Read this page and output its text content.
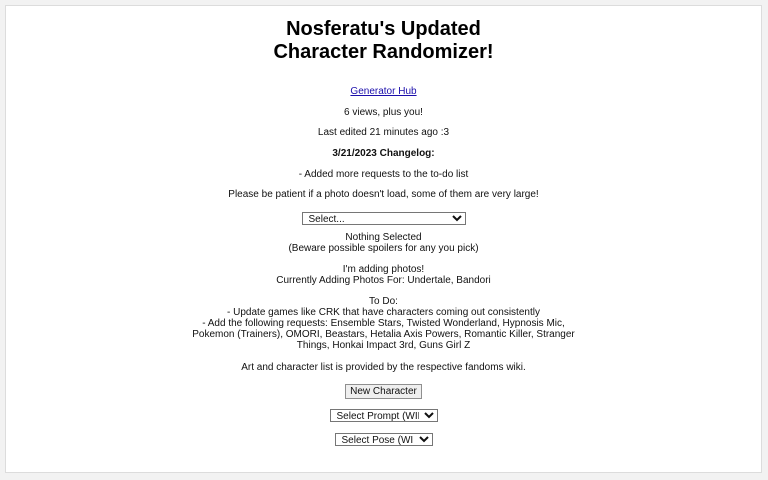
Nosferatu's Updated
Character Randomizer!
Generator Hub
6 views, plus you!
Last edited 21 minutes ago :3
3/21/2023 Changelog:
- Added more requests to the to-do list
Please be patient if a photo doesn't load, some of them are very large!
Select...
Nothing Selected
(Beware possible spoilers for any you pick)
I'm adding photos!
Currently Adding Photos For: Undertale, Bandori
To Do:
- Update games like CRK that have characters coming out consistently
- Add the following requests: Ensemble Stars, Twisted Wonderland, Hypnosis Mic, Pokemon (Trainers), OMORI, Beastars, Hetalia Axis Powers, Romantic Killer, Stranger Things, Honkai Impact 3rd, Guns Girl Z
Art and character list is provided by the respective fandoms wiki.
New Character
Select Prompt (WIP)...
Select Pose (WIP)...
